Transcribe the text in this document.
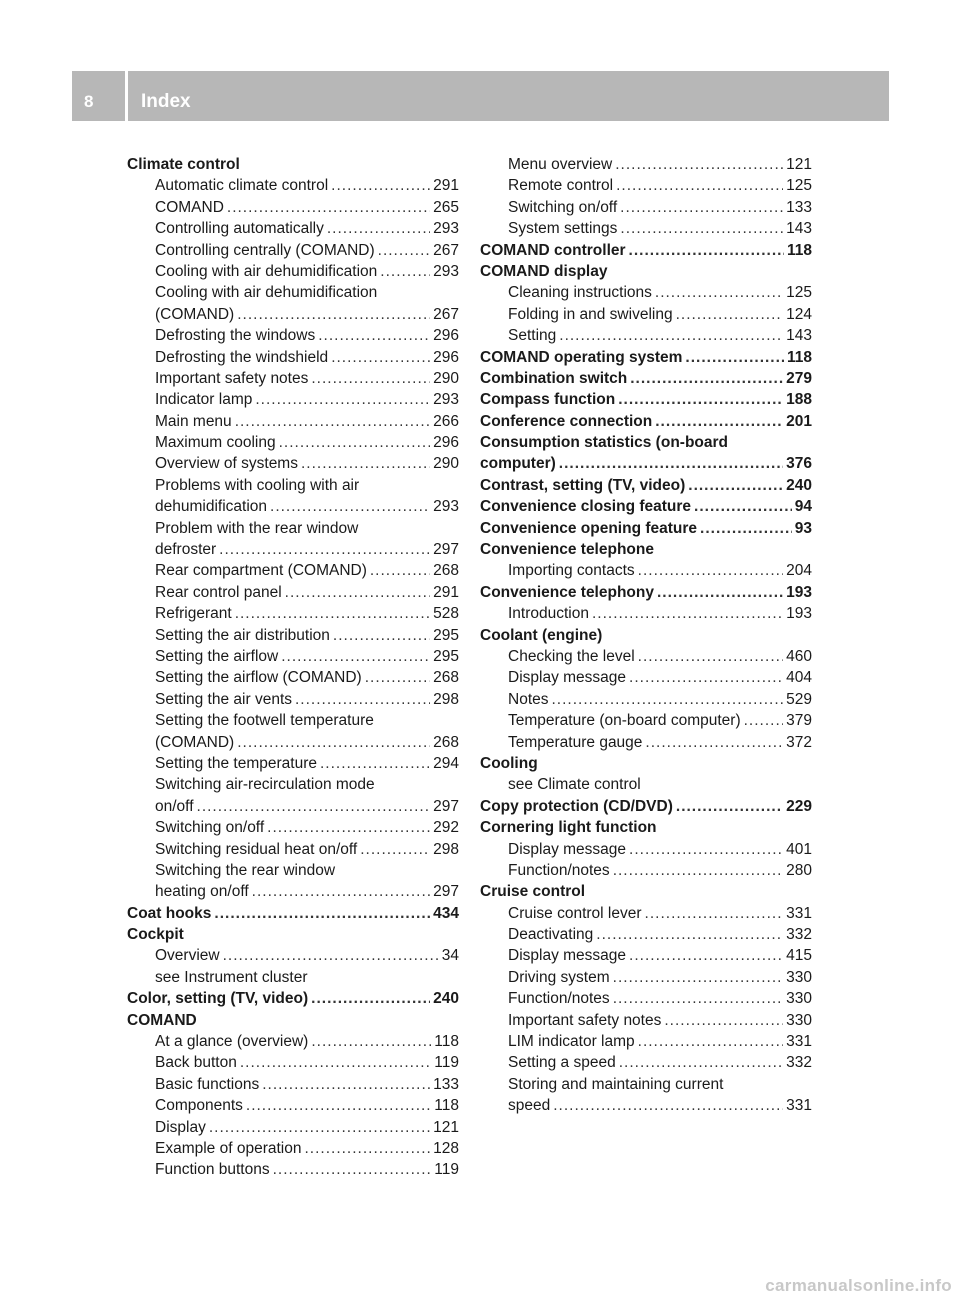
8	Index
Climate control
Automatic climate control .....	291
COMAND .....	265
Controlling automatically .....	293
Controlling centrally (COMAND) .....	267
Cooling with air dehumidification .....	293
Cooling with air dehumidification
(COMAND) .....	267
Defrosting the windows .....	296
Defrosting the windshield .....	296
Important safety notes .....	290
Indicator lamp .....	293
Main menu .....	266
Maximum cooling .....	296
Overview of systems .....	290
Problems with cooling with air
dehumidification .....	293
Problem with the rear window
defroster .....	297
Rear compartment (COMAND) .....	268
Rear control panel .....	291
Refrigerant .....	528
Setting the air distribution .....	295
Setting the airflow .....	295
Setting the airflow (COMAND) .....	268
Setting the air vents .....	298
Setting the footwell temperature
(COMAND) .....	268
Setting the temperature .....	294
Switching air-recirculation mode
on/off .....	297
Switching on/off .....	292
Switching residual heat on/off .....	298
Switching the rear window
heating on/off .....	297
Coat hooks .....	434
Cockpit
Overview .....	34
see Instrument cluster
Color, setting (TV, video) .....	240
COMAND
At a glance (overview) .....	118
Back button .....	119
Basic functions .....	133
Components .....	118
Display .....	121
Example of operation .....	128
Function buttons .....	119
Menu overview .....	121
Remote control .....	125
Switching on/off .....	133
System settings .....	143
COMAND controller .....	118
COMAND display
Cleaning instructions .....	125
Folding in and swiveling .....	124
Setting .....	143
COMAND operating system .....	118
Combination switch .....	279
Compass function .....	188
Conference connection .....	201
Consumption statistics (on-board
computer) .....	376
Contrast, setting (TV, video) .....	240
Convenience closing feature .....	94
Convenience opening feature .....	93
Convenience telephone
Importing contacts .....	204
Convenience telephony .....	193
Introduction .....	193
Coolant (engine)
Checking the level .....	460
Display message .....	404
Notes .....	529
Temperature (on-board computer) .....	379
Temperature gauge .....	372
Cooling
see Climate control
Copy protection (CD/DVD) .....	229
Cornering light function
Display message .....	401
Function/notes .....	280
Cruise control
Cruise control lever .....	331
Deactivating .....	332
Display message .....	415
Driving system .....	330
Function/notes .....	330
Important safety notes .....	330
LIM indicator lamp .....	331
Setting a speed .....	332
Storing and maintaining current
speed .....	331
carmanualsonline.info
